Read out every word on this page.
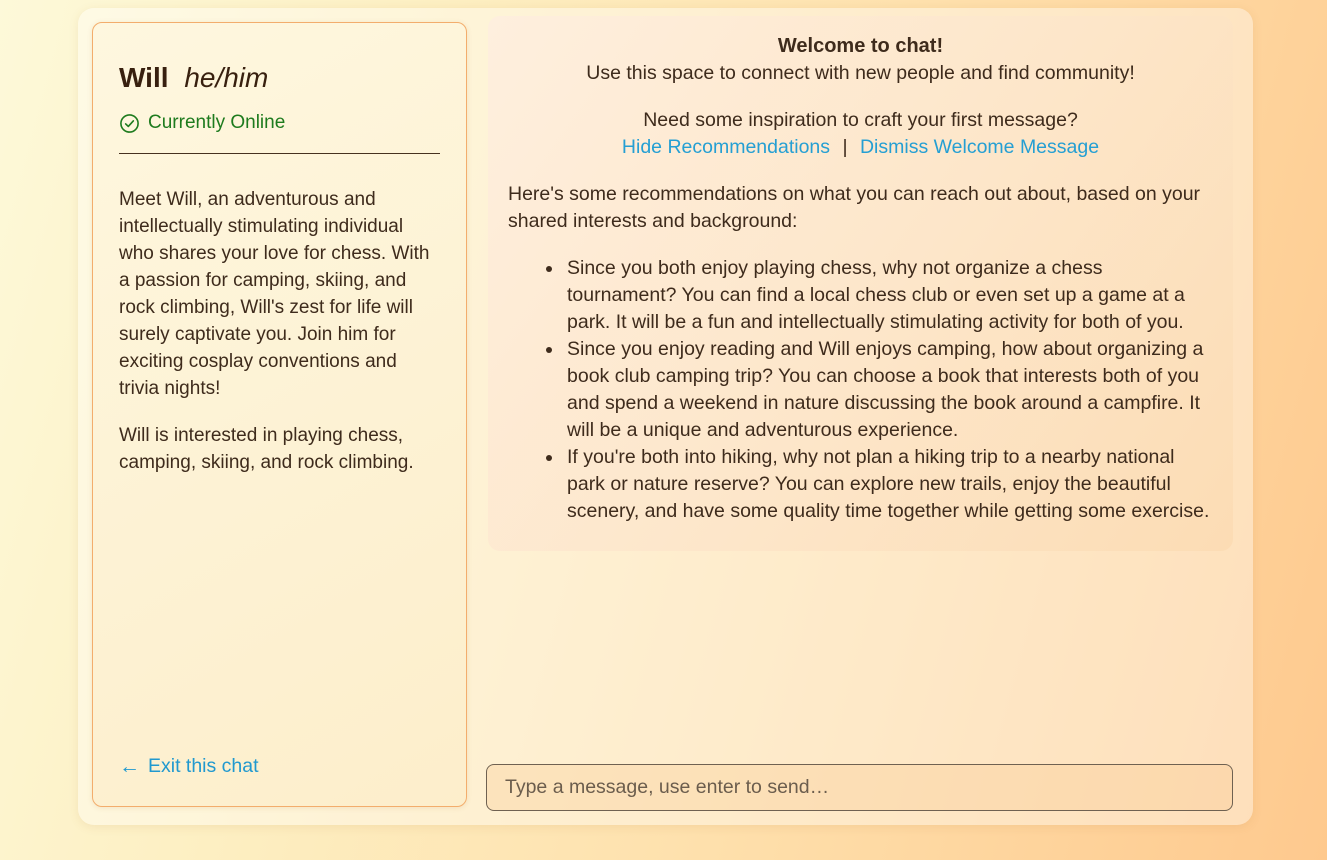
Will he/him
Currently Online

Meet Will, an adventurous and intellectually stimulating individual who shares your love for chess. With a passion for camping, skiing, and rock climbing, Will's zest for life will surely captivate you. Join him for exciting cosplay conventions and trivia nights!

Will is interested in playing chess, camping, skiing, and rock climbing.

← Exit this chat

Welcome to chat!

Use this space to connect with new people and find community!

Need some inspiration to craft your first message?

Hide Recommendations | Dismiss Welcome Message

Here's some recommendations on what you can reach out about, based on your shared interests and background:

• Since you both enjoy playing chess, why not organize a chess tournament? You can find a local chess club or even set up a game at a park. It will be a fun and intellectually stimulating activity for both of you.
• Since you enjoy reading and Will enjoys camping, how about organizing a book club camping trip? You can choose a book that interests both of you and spend a weekend in nature discussing the book around a campfire. It will be a unique and adventurous experience.
• If you're both into hiking, why not plan a hiking trip to a nearby national park or nature reserve? You can explore new trails, enjoy the beautiful scenery, and have some quality time together while getting some exercise.
Type a message, use enter to send…
